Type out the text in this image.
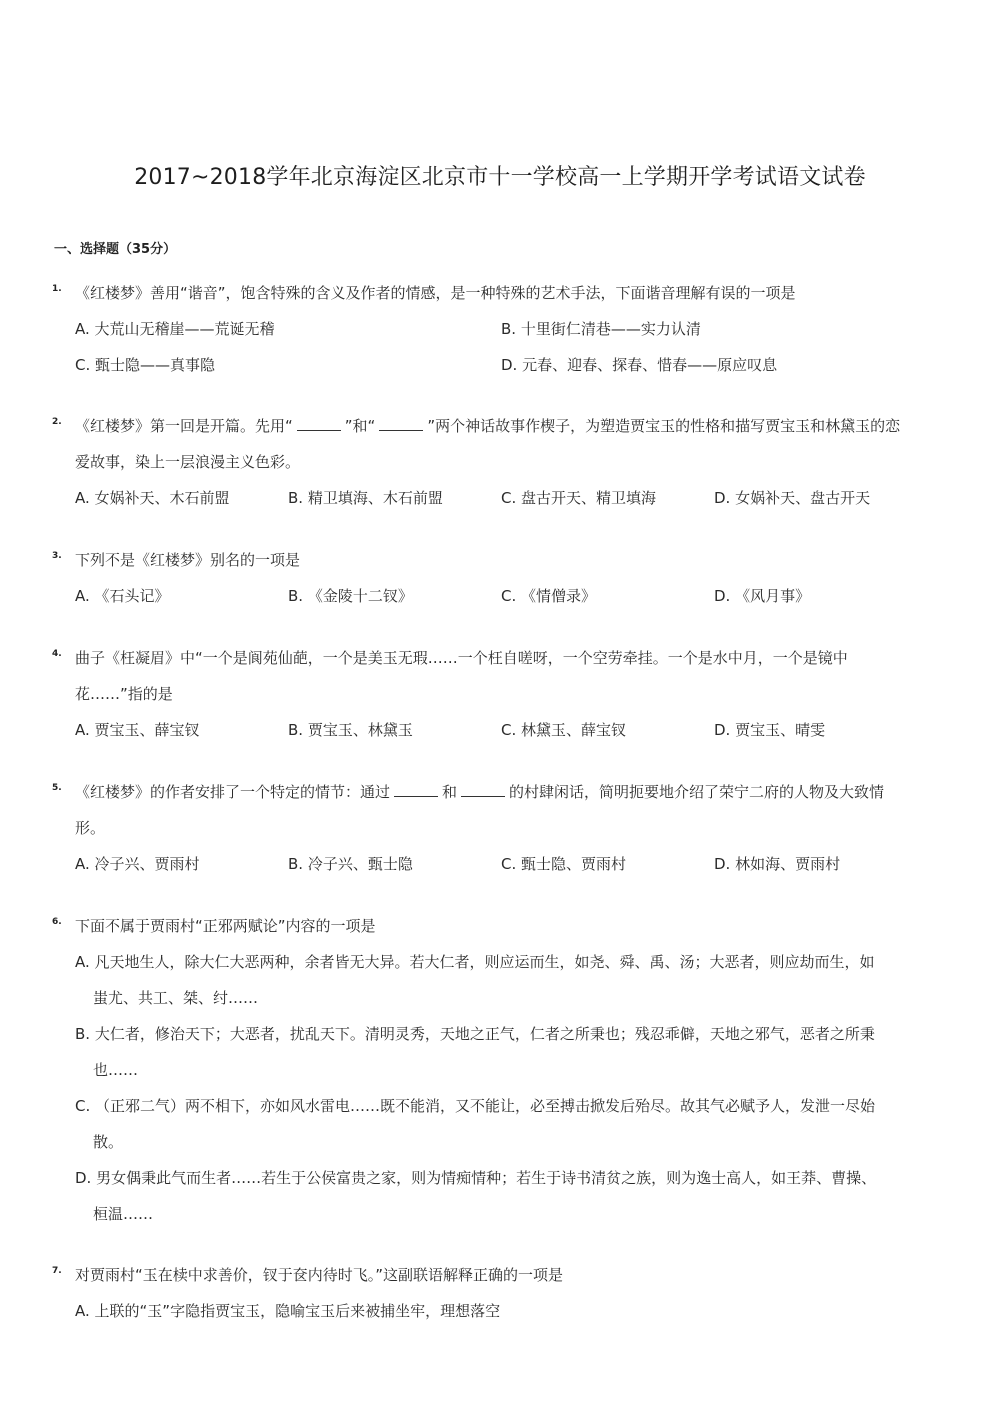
2017~2018学年北京海淀区北京市十一学校高一上学期开学考试语文试卷
一、选择题（35分）
1. 《红楼梦》善用“谐音”，饱含特殊的含义及作者的情感，是一种特殊的艺术手法，下面谐音理解有误的一项是
A. 大荒山无稽崖——荒诞无稽	B. 十里街仁清巷——实力认清
C. 甄士隐——真事隐	D. 元春、迎春、探春、惜春——原应叹息
2. 《红楼梦》第一回是开篇。先用“	”和“	”两个神话故事作楔子，为塑造贾宝玉的性格和描写贾宝玉和林黛玉的恋
爱故事，染上一层浪漫主义色彩。
A. 女娲补天、木石前盟	B. 精卫填海、木石前盟	C. 盘古开天、精卫填海	D. 女娲补天、盘古开天
3. 下列不是《红楼梦》别名的一项是
A. 《石头记》	B. 《金陵十二钗》	C. 《情僧录》	D. 《风月事》
4. 曲子《枉凝眉》中“一个是阆苑仙葩，一个是美玉无瑕……一个枉自嗟呀，一个空劳牵挂。一个是水中月，一个是镜中
花……”指的是
A. 贾宝玉、薛宝钗	B. 贾宝玉、林黛玉	C. 林黛玉、薛宝钗	D. 贾宝玉、晴雯
5. 《红楼梦》的作者安排了一个特定的情节：通过	和	的村肆闲话，简明扼要地介绍了荣宁二府的人物及大致情
形。
A. 冷子兴、贾雨村	B. 冷子兴、甄士隐	C. 甄士隐、贾雨村	D. 林如海、贾雨村
6. 下面不属于贾雨村“正邪两赋论”内容的一项是
A. 凡天地生人，除大仁大恶两种，余者皆无大异。若大仁者，则应运而生，如尧、舜、禹、汤；大恶者，则应劫而生，如
蚩尤、共工、桀、纣……
B. 大仁者，修治天下；大恶者，扰乱天下。清明灵秀，天地之正气，仁者之所秉也；残忍乖僻，天地之邪气，恶者之所秉
也……
C. （正邪二气）两不相下，亦如风水雷电……既不能消，又不能让，必至搏击掀发后殆尽。故其气必赋予人，发泄一尽始
散。
D. 男女偶秉此气而生者……若生于公侯富贵之家，则为情痴情种；若生于诗书清贫之族，则为逸士高人，如王莽、曹操、
桓温……
7. 对贾雨村“玉在椟中求善价，钗于奁内待时飞。”这副联语解释正确的一项是
A. 上联的“玉”字隐指贾宝玉，隐喻宝玉后来被捕坐牢，理想落空
